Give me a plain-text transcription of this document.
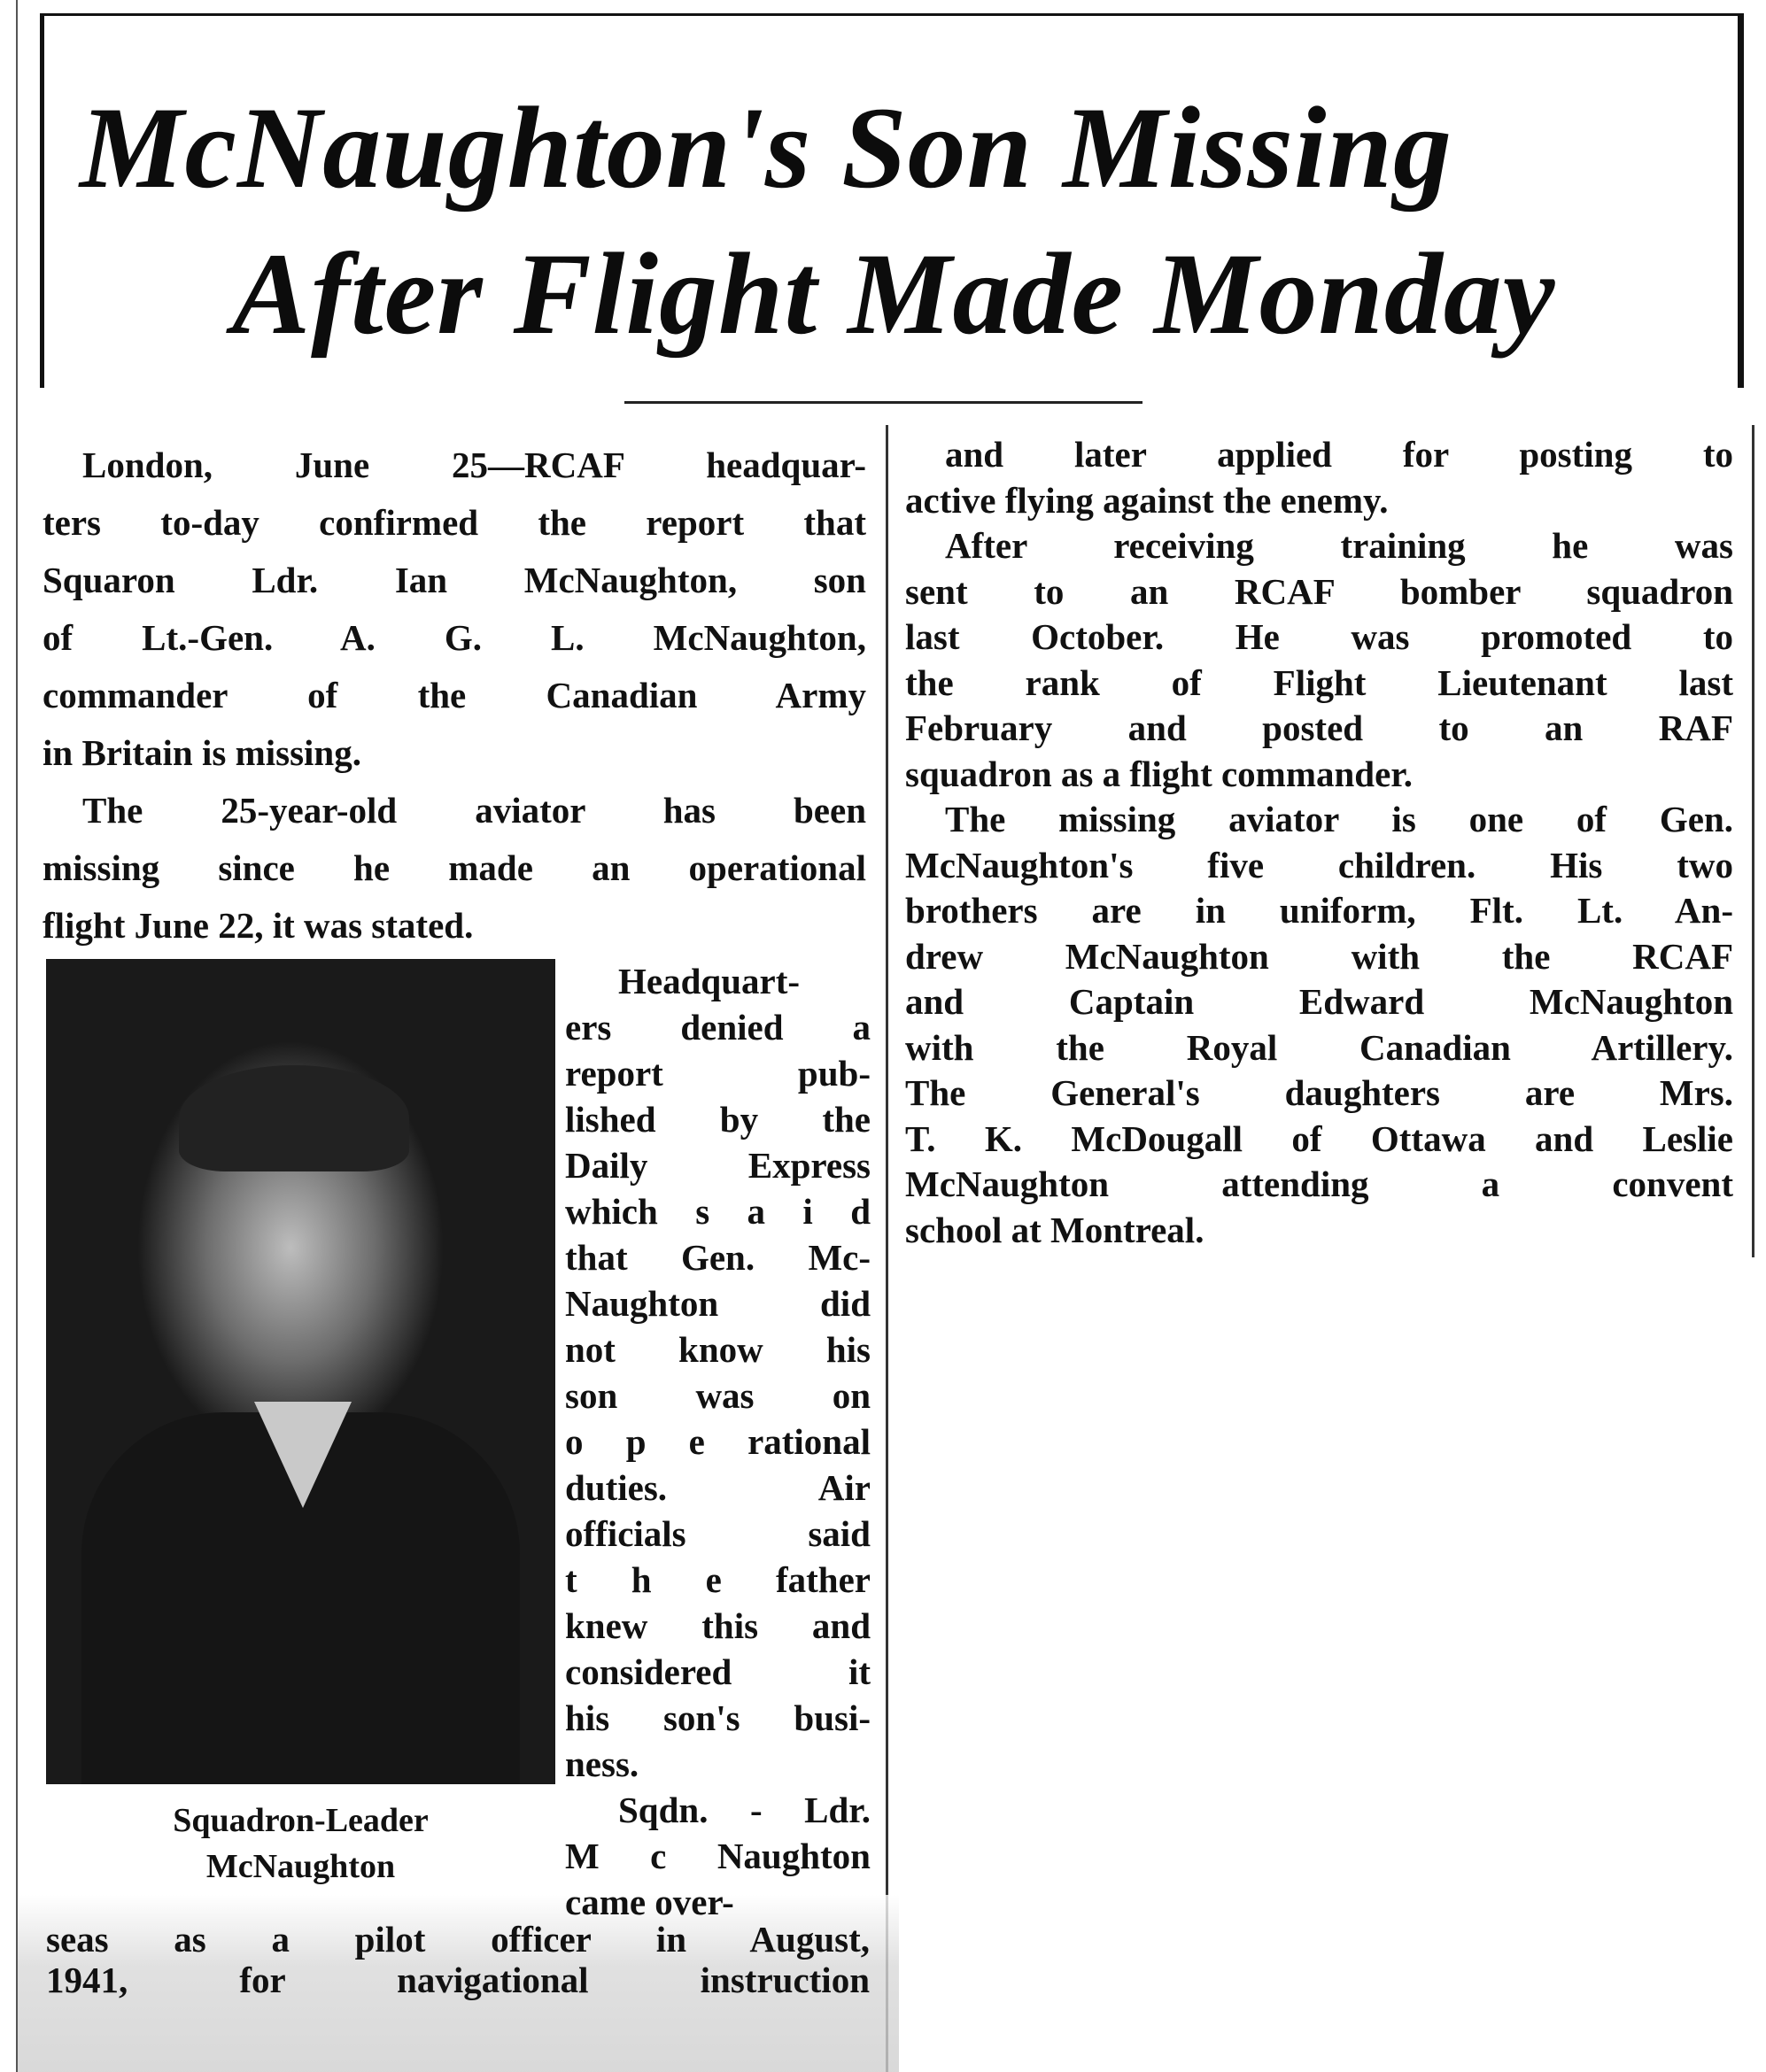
McNaughton's Son Missing
After Flight Made Monday
Squadron-Leader
McNaughton
London, June 25—RCAF headquar-
ters to-day confirmed the report that
Squaron Ldr. Ian McNaughton, son
of Lt.-Gen. A. G. L. McNaughton,
commander of the Canadian Army
in Britain is missing.
The 25-year-old aviator has been
missing since he made an operational
flight June 22, it was stated.
Headquart-
ers denied a
report pub-
lished by the
Daily Express
which s a i d
that Gen. Mc-
Naughton did
not know his
son was on
o p e rational
duties. Air
officials said
t h e father
knew this and
considered it
his son's busi-
ness.
Sqdn. - Ldr.
M c Naughton
came over-
seas as a pilot officer in August,
1941, for navigational instruction
and later applied for posting to
active flying against the enemy.
After receiving training he was
sent to an RCAF bomber squadron
last October. He was promoted to
the rank of Flight Lieutenant last
February and posted to an RAF
squadron as a flight commander.
The missing aviator is one of Gen.
McNaughton's five children. His two
brothers are in uniform, Flt. Lt. An-
drew McNaughton with the RCAF
and Captain Edward McNaughton
with the Royal Canadian Artillery.
The General's daughters are Mrs.
T. K. McDougall of Ottawa and Leslie
McNaughton attending a convent
school at Montreal.
